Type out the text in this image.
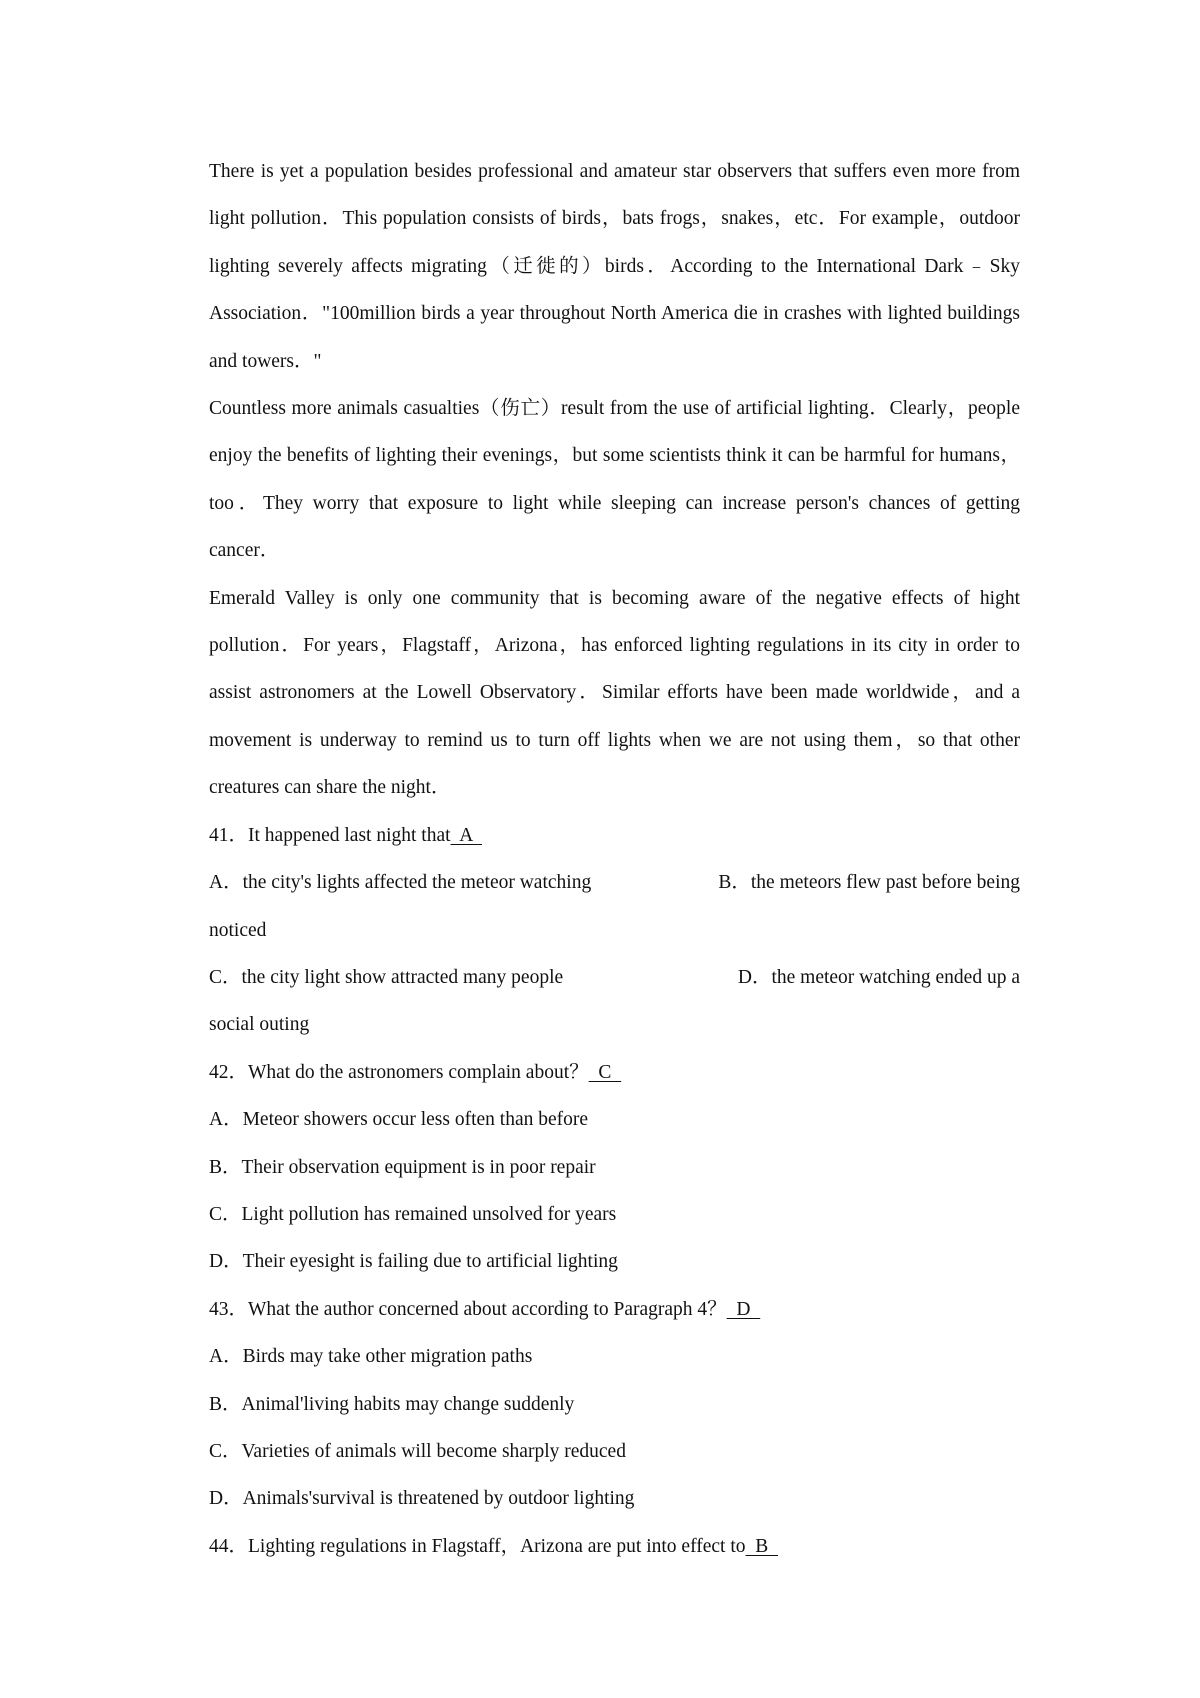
There is yet a population besides professional and amateur star observers that suffers even more from light pollution．This population consists of birds，bats frogs，snakes，etc．For example，outdoor lighting severely affects migrating（迁徙的）birds．According to the International Dark﹣Sky Association．"100million birds a year throughout North America die in crashes with lighted buildings and towers．"

Countless more animals casualties（伤亡）result from the use of artificial lighting．Clearly，people enjoy the benefits of lighting their evenings，but some scientists think it can be harmful for humans，too．They worry that exposure to light while sleeping can increase person's chances of getting cancer．

Emerald Valley is only one community that is becoming aware of the negative effects of hight pollution．For years，Flagstaff，Arizona，has enforced lighting regulations in its city in order to assist astronomers at the Lowell Observatory．Similar efforts have been made worldwide，and a movement is underway to remind us to turn off lights when we are not using them，so that other creatures can share the night．

41．It happened last night that  A

A．the city's lights affected the meteor watching	B．the meteors flew past before being

noticed

C．the city light show attracted many people	D．the meteor watching ended up a

social outing

42．What do the astronomers complain about？  C

A．Meteor showers occur less often than before

B．Their observation equipment is in poor repair

C．Light pollution has remained unsolved for years

D．Their eyesight is failing due to artificial lighting

43．What the author concerned about according to Paragraph 4？  D

A．Birds may take other migration paths

B．Animal'living habits may change suddenly

C．Varieties of animals will become sharply reduced

D．Animals'survival is threatened by outdoor lighting

44．Lighting regulations in Flagstaff，Arizona are put into effect to  B
